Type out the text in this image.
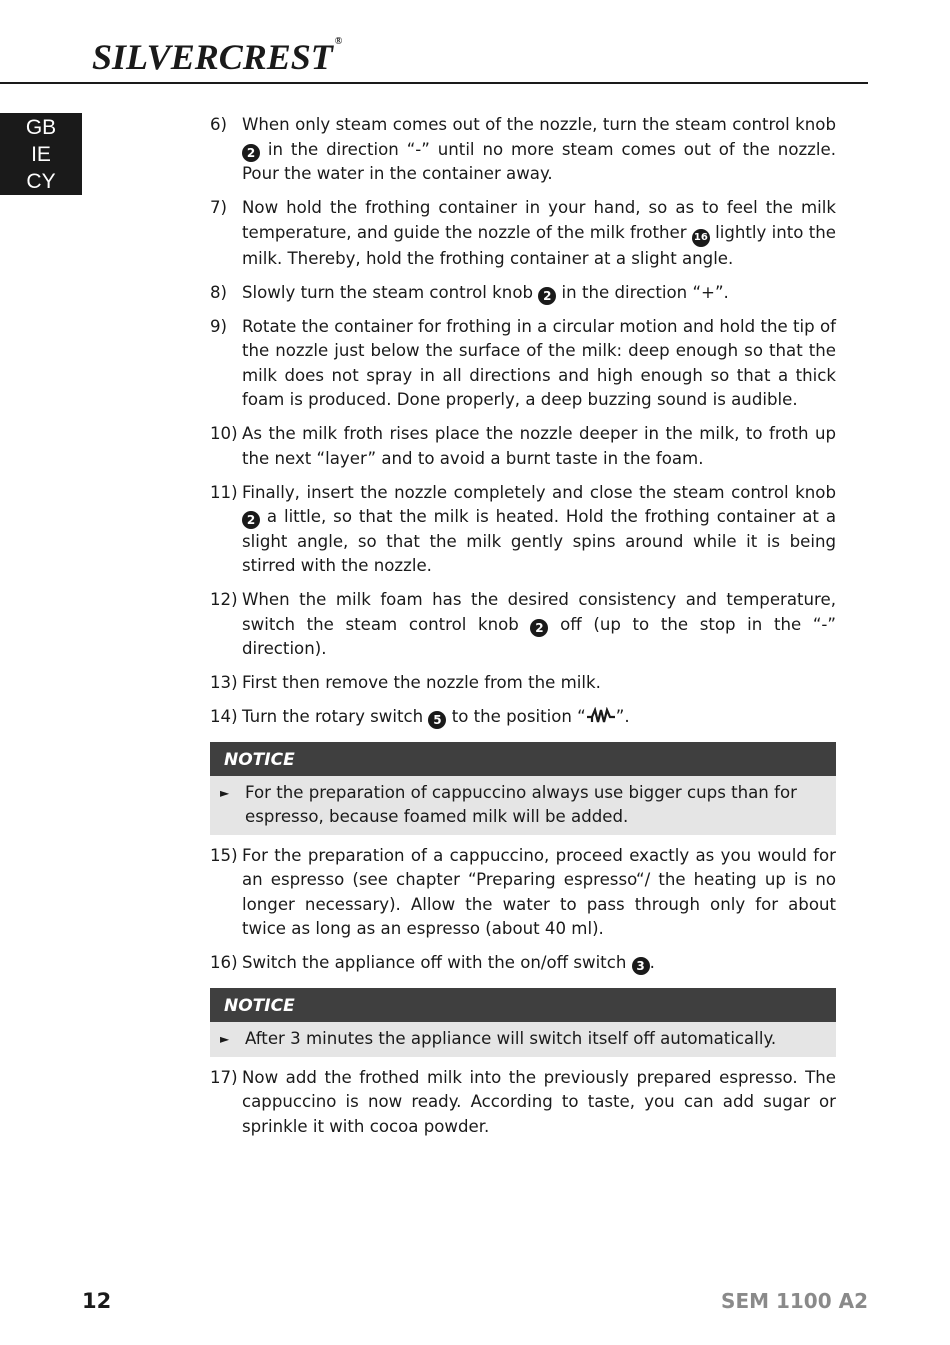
SILVERCREST ®
GB
IE
CY
6) When only steam comes out of the nozzle, turn the steam control knob 2 in the direction “-” until no more steam comes out of the nozzle. Pour the water in the container away.
7) Now hold the frothing container in your hand, so as to feel the milk temperature, and guide the nozzle of the milk frother 16 lightly into the milk. Thereby, hold the frothing container at a slight angle.
8) Slowly turn the steam control knob 2 in the direction “+”.
9) Rotate the container for frothing in a circular motion and hold the tip of the nozzle just below the surface of the milk: deep enough so that the milk does not spray in all directions and high enough so that a thick foam is produced. Done properly, a deep buzzing sound is audible.
10) As the milk froth rises place the nozzle deeper in the milk, to froth up the next “layer” and to avoid a burnt taste in the foam.
11) Finally, insert the nozzle completely and close the steam control knob 2 a little, so that the milk is heated. Hold the frothing container at a slight angle, so that the milk gently spins around while it is being stirred with the nozzle.
12) When the milk foam has the desired consistency and temperature, switch the steam control knob 2 off (up to the stop in the “-” direction).
13) First then remove the nozzle from the milk.
14) Turn the rotary switch 5 to the position “ ”.
NOTICE
► For the preparation of cappuccino always use bigger cups than for espresso, because foamed milk will be added.
15) For the preparation of a cappuccino, proceed exactly as you would for an espresso (see chapter “Preparing espresso“/ the heating up is no longer necessary). Allow the water to pass through only for about twice as long as an espresso (about 40 ml).
16) Switch the appliance off with the on/off switch 3 .
NOTICE
► After 3 minutes the appliance will switch itself off automatically.
17) Now add the frothed milk into the previously prepared espresso. The cappuccino is now ready. According to taste, you can add sugar or sprinkle it with cocoa powder.
12	SEM 1100 A2
